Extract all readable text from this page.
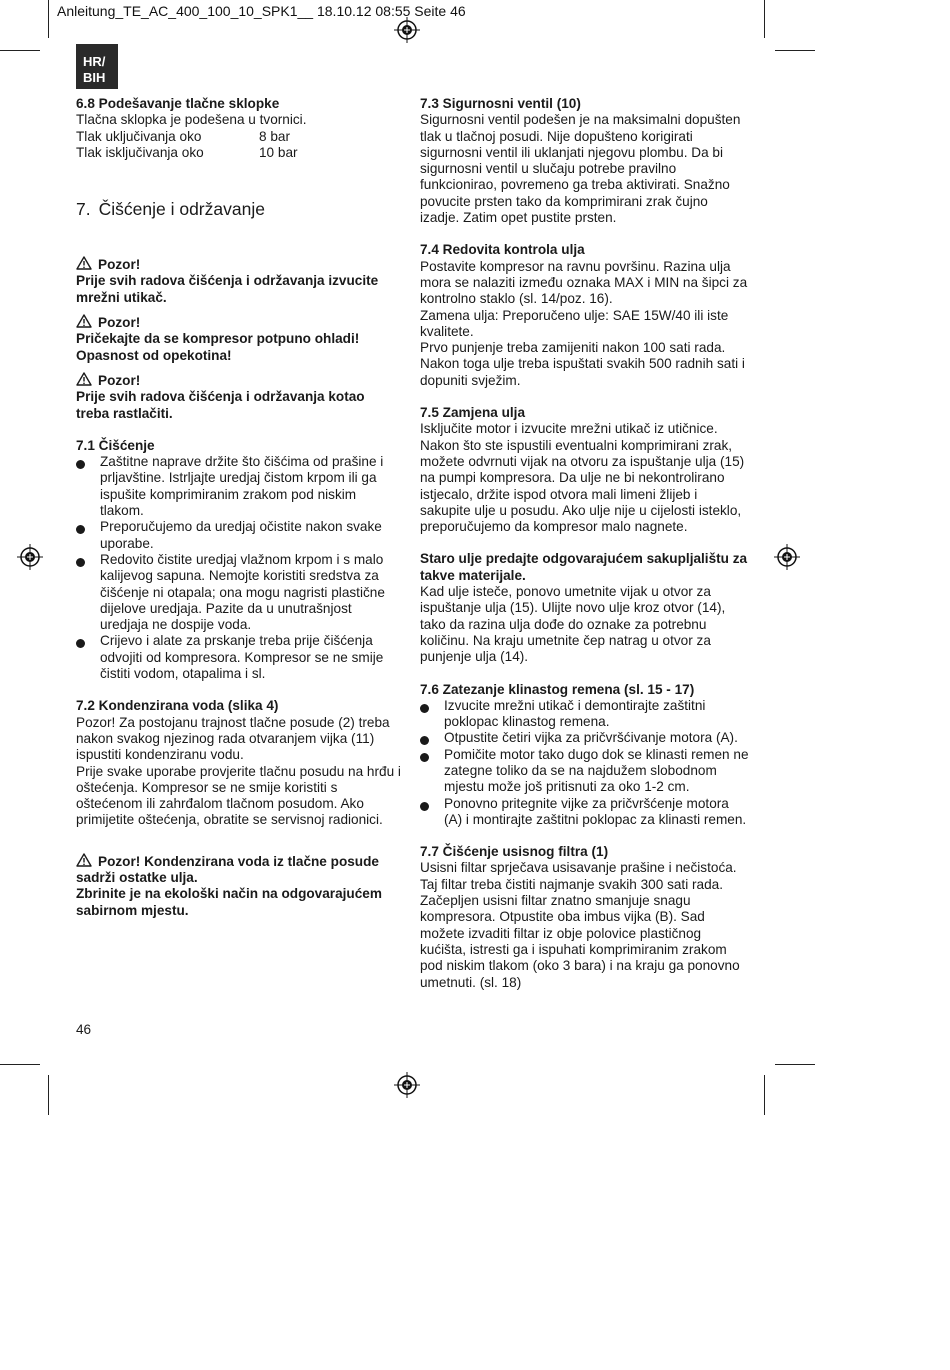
Anleitung_TE_AC_400_100_10_SPK1__ 18.10.12 08:55 Seite 46
HR/
BIH

6.8 Podešavanje tlačne sklopke

Tlačna sklopka je podešena u tvornici.

Tlak uključivanja oko	8 bar
Tlak isključivanja oko	10 bar
7. Čišćenje i održavanje
Pozor!

Prije svih radova čišćenja i održavanja izvucite mrežni utikač.

Pozor!

Pričekajte da se kompresor potpuno ohladi! Opasnost od opekotina!

Pozor!

Prije svih radova čišćenja i održavanja kotao treba rastlačiti.

7.1 Čišćenje

Zaštitne naprave držite što čišćima od prašine i prljavštine. Istrljajte uredjaj čistom krpom ili ga ispušite komprimiranim zrakom pod niskim tlakom.
Preporučujemo da uredjaj očistite nakon svake uporabe.
Redovito čistite uredjaj vlažnom krpom i s malo kalijevog sapuna. Nemojte koristiti sredstva za čišćenje ni otapala; ona mogu nagristi plastične dijelove uredjaja. Pazite da u unutrašnjost uredjaja ne dospije voda.
Crijevo i alate za prskanje treba prije čišćenja odvojiti od kompresora. Kompresor se ne smije čistiti vodom, otapalima i sl.

7.2 Kondenzirana voda (slika 4)

Pozor! Za postojanu trajnost tlačne posude (2) treba nakon svakog njezinog rada otvaranjem vijka (11) ispustiti kondenziranu vodu.

Prije svake uporabe provjerite tlačnu posudu na hrđu i oštećenja. Kompresor se ne smije koristiti s oštećenom ili zahrđalom tlačnom posudom. Ako primijetite oštećenja, obratite se servisnoj radionici.

Pozor! Kondenzirana voda iz tlačne posude sadrži ostatke ulja.

Zbrinite je na ekološki način na odgovarajućem sabirnom mjestu.

7.3 Sigurnosni ventil (10)

Sigurnosni ventil podešen je na maksimalni dopušten tlak u tlačnoj posudi. Nije dopušteno korigirati sigurnosni ventil ili uklanjati njegovu plombu. Da bi sigurnosni ventil u slučaju potrebe pravilno funkcionirao, povremeno ga treba aktivirati. Snažno povucite prsten tako da komprimirani zrak čujno izadje. Zatim opet pustite prsten.

7.4 Redovita kontrola ulja

Postavite kompresor na ravnu površinu. Razina ulja mora se nalaziti između oznaka MAX i MIN na šipci za kontrolno staklo (sl. 14/poz. 16).

Zamena ulja: Preporučeno ulje: SAE 15W/40 ili iste kvalitete.

Prvo punjenje treba zamijeniti nakon 100 sati rada. Nakon toga ulje treba ispuštati svakih 500 radnih sati i dopuniti svježim.

7.5 Zamjena ulja

Isključite motor i izvucite mrežni utikač iz utičnice. Nakon što ste ispustili eventualni komprimirani zrak, možete odvrnuti vijak na otvoru za ispuštanje ulja (15) na pumpi kompresora. Da ulje ne bi nekontrolirano istjecalo, držite ispod otvora mali limeni žlijeb i sakupite ulje u posudu. Ako ulje nije u cijelosti isteklo, preporučujemo da kompresor malo nagnete.

Staro ulje predajte odgovarajućem sakupljalištu za takve materijale.

Kad ulje isteče, ponovo umetnite vijak u otvor za ispuštanje ulja (15). Ulijte novo ulje kroz otvor (14), tako da razina ulja dođe do oznake za potrebnu količinu. Na kraju umetnite čep natrag u otvor za punjenje ulja (14).

7.6 Zatezanje klinastog remena (sl. 15 - 17)

Izvucite mrežni utikač i demontirajte zaštitni poklopac klinastog remena.
Otpustite četiri vijka za pričvršćivanje motora (A).
Pomičite motor tako dugo dok se klinasti remen ne zategne toliko da se na najdužem slobodnom mjestu može još pritisnuti za oko 1-2 cm.
Ponovno pritegnite vijke za pričvršćenje motora (A) i montirajte zaštitni poklopac za klinasti remen.

7.7 Čišćenje usisnog filtra (1)

Usisni filtar sprječava usisavanje prašine i nečistoća. Taj filtar treba čistiti najmanje svakih 300 sati rada. Začepljen usisni filtar znatno smanjuje snagu kompresora. Otpustite oba imbus vijka (B). Sad možete izvaditi filtar iz obje polovice plastičnog kućišta, istresti ga i ispuhati komprimiranim zrakom pod niskim tlakom (oko 3 bara) i na kraju ga ponovno umetnuti. (sl. 18)

46
